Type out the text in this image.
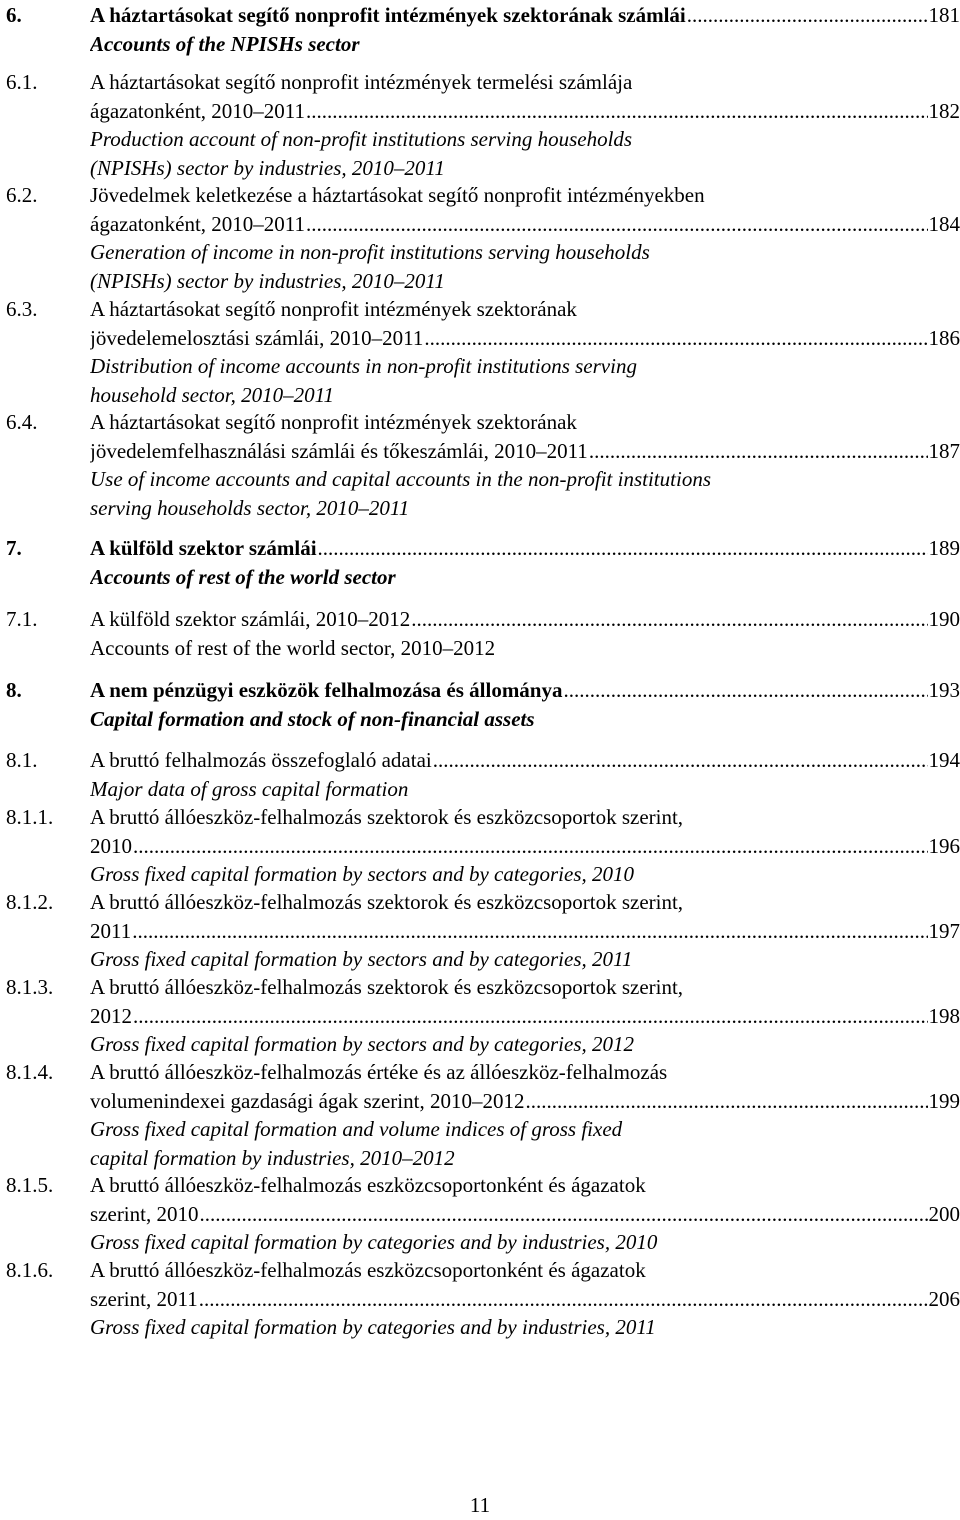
6.	A háztartásokat segítő nonprofit intézmények szektorának számlái .....	181
Accounts of the NPISHs sector
6.1.	A háztartásokat segítő nonprofit intézmények termelési számlája
ágazatonként, 2010–2011 .....	182
Production account of non-profit institutions serving households
(NPISHs) sector by industries, 2010–2011
6.2.	Jövedelmek keletkezése a háztartásokat segítő nonprofit intézményekben
ágazatonként, 2010–2011 .....	184
Generation of income in non-profit institutions serving households
(NPISHs) sector by industries, 2010–2011
6.3.	A háztartásokat segítő nonprofit intézmények szektorának
jövedelemelosztási számlái, 2010–2011 .....	186
Distribution of income accounts in non-profit institutions serving
household sector, 2010–2011
6.4.	A háztartásokat segítő nonprofit intézmények szektorának
jövedelemfelhasználási számlái és tőkeszámlái, 2010–2011 .....	187
Use of income accounts and capital accounts in the non-profit institutions
serving households sector, 2010–2011
7.	A külföld szektor számlái .....	189
Accounts of rest of the world sector
7.1.	A külföld szektor számlái, 2010–2012 .....	190
Accounts of rest of the world sector, 2010–2012
8.	A nem pénzügyi eszközök felhalmozása és állománya .....	193
Capital formation and stock of non-financial assets
8.1.	A bruttó felhalmozás összefoglaló adatai .....	194
Major data of gross capital formation
8.1.1. A bruttó állóeszköz-felhalmozás szektorok és eszközcsoportok szerint,
2010 .....	196
Gross fixed capital formation by sectors and by categories, 2010
8.1.2. A bruttó állóeszköz-felhalmozás szektorok és eszközcsoportok szerint,
2011 .....	197
Gross fixed capital formation by sectors and by categories, 2011
8.1.3. A bruttó állóeszköz-felhalmozás szektorok és eszközcsoportok szerint,
2012 .....	198
Gross fixed capital formation by sectors and by categories, 2012
8.1.4. A bruttó állóeszköz-felhalmozás értéke és az állóeszköz-felhalmozás
volumenindexei gazdasági ágak szerint, 2010–2012 .....	199
Gross fixed capital formation and volume indices of gross fixed
capital formation by industries, 2010–2012
8.1.5. A bruttó állóeszköz-felhalmozás eszközcsoportonként és ágazatok
szerint, 2010 .....	200
Gross fixed capital formation by categories and by industries, 2010
8.1.6. A bruttó állóeszköz-felhalmozás eszközcsoportonként és ágazatok
szerint, 2011 .....	206
Gross fixed capital formation by categories and by industries, 2011
11
